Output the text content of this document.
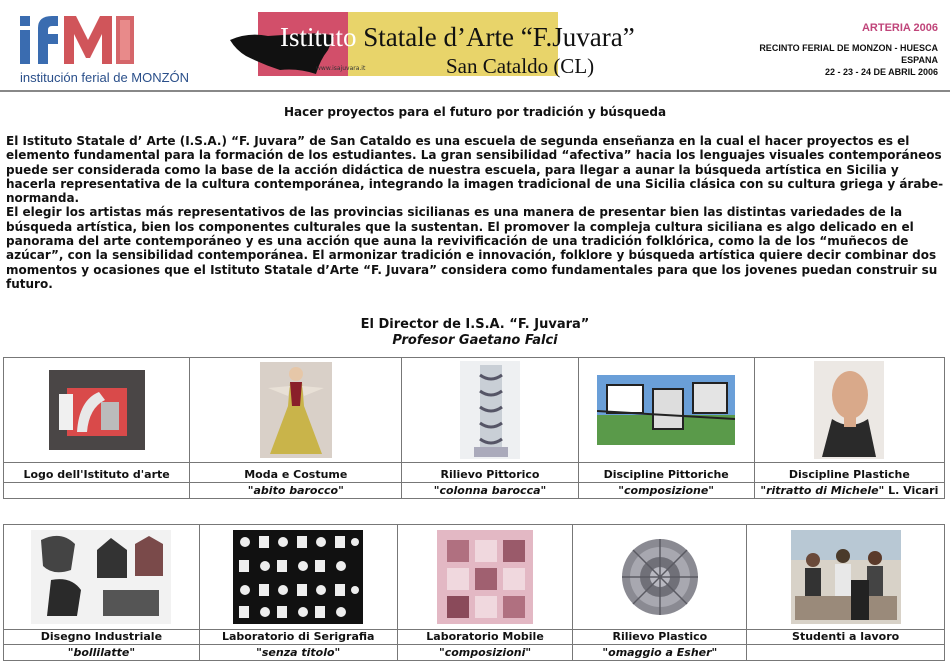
institución ferial de MONZÓN
Istituto Statale d’Arte “F.Juvara”
San Cataldo (CL)
www.isajuvara.it
ARTERIA 2006
RECINTO FERIAL DE MONZON - HUESCA
ESPANA
22 - 23 - 24 DE ABRIL 2006
Hacer proyectos para el futuro por tradición y búsqueda

El Istituto Statale d’ Arte (I.S.A.) “F. Juvara” de San Cataldo es una escuela de segunda enseñanza en la cual el hacer proyectos es el elemento fundamental para la formación de los estudiantes. La gran sensibilidad “afectiva” hacia los lenguajes visuales contemporáneos puede ser considerada como la base de la acción didáctica de nuestra escuela, para llegar a aunar la búsqueda artística en Sicilia y hacerla representativa de la cultura contemporánea, integrando la imagen tradicional de una Sicilia clásica con su cultura griega y árabe- normanda.

El elegir los artistas más representativos de las provincias sicilianas es una manera de presentar bien las distintas variedades de la búsqueda artística, bien los componentes culturales que la sustentan. El promover la compleja cultura siciliana es algo delicado en el panorama del arte contemporáneo y es una acción que auna la revivificación de una tradición folklórica, como la de los “muñecos de azúcar”, con la sensibilidad contemporánea. El armonizar tradición e innovación, folklore y búsqueda artística quiere decir combinar dos momentos y ocasiones que el Istituto Statale d’Arte “F. Juvara” considera como fundamentales para que los jovenes puedan construir su futuro.

El Director de I.S.A. “F. Juvara”
Profesor Gaetano Falci

Logo dell'Istituto d'arte	Moda e Costume	Rilievo Pittorico	Discipline Pittoriche	Discipline Plastiche

	"abito barocco"	"colonna barocca"	"composizione"	"ritratto di Michele" L. Vicari

Disegno Industriale	Laboratorio di Serigrafia	Laboratorio Mobile	Rilievo Plastico	Studenti a lavoro

"bollilatte"	"senza titolo"	"composizioni"	"omaggio a Esher"	
